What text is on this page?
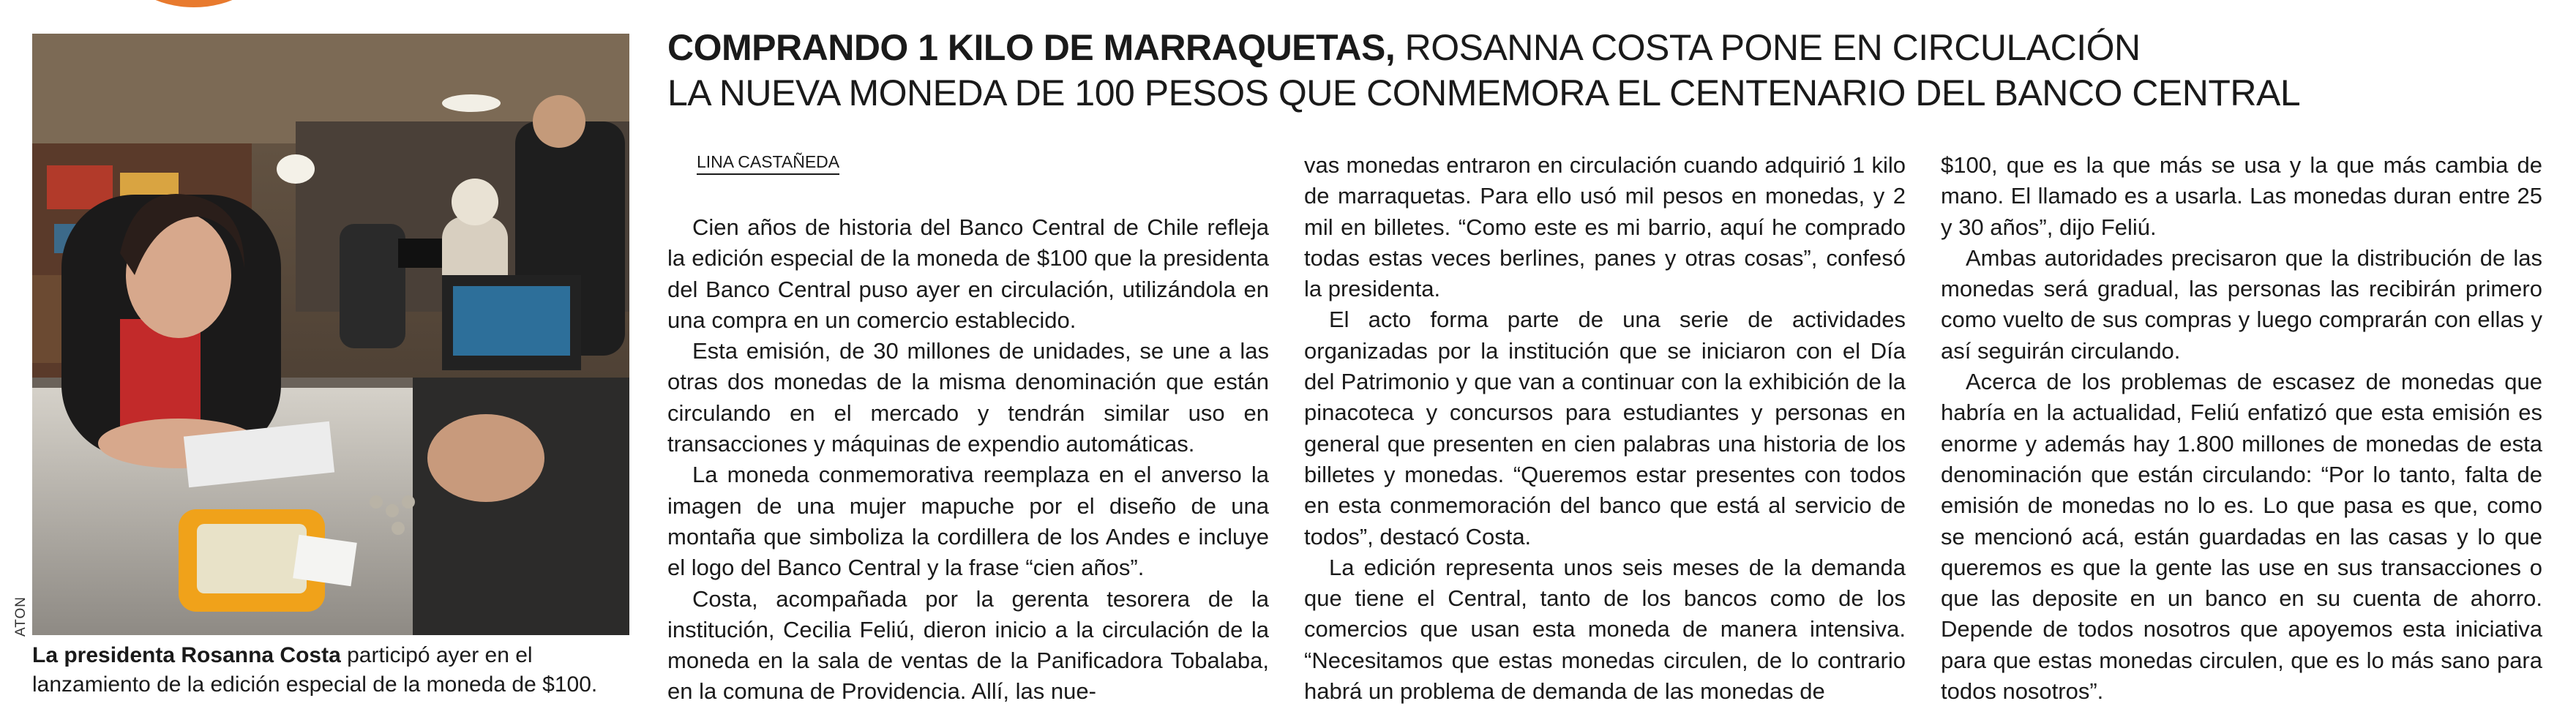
ATON
La presidenta Rosanna Costa participó ayer en el lanzamiento de la edición especial de la moneda de $100.
COMPRANDO 1 KILO DE MARRAQUETAS, ROSANNA COSTA PONE EN CIRCULACIÓN
LA NUEVA MONEDA DE 100 PESOS QUE CONMEMORA EL CENTENARIO DEL BANCO CENTRAL
LINA CASTAÑEDA

Cien años de historia del Banco Central de Chile refleja la edición especial de la moneda de $100 que la presidenta del Banco Central puso ayer en circulación, utilizándola en una compra en un comercio establecido.

Esta emisión, de 30 millones de unidades, se une a las otras dos monedas de la misma denominación que están circulando en el mercado y tendrán similar uso en transacciones y máquinas de expendio automáticas.

La moneda conmemorativa reemplaza en el anverso la imagen de una mujer mapuche por el diseño de una montaña que simboliza la cordillera de los Andes e incluye el logo del Banco Central y la frase “cien años”.

Costa, acompañada por la gerenta tesorera de la institución, Cecilia Feliú, dieron inicio a la circulación de la moneda en la sala de ventas de la Panificadora Tobalaba, en la comuna de Providencia. Allí, las nue-

vas monedas entraron en circulación cuando adquirió 1 kilo de marraquetas. Para ello usó mil pesos en monedas, y 2 mil en billetes. “Como este es mi barrio, aquí he comprado todas estas veces berlines, panes y otras cosas”, confesó la presidenta.

El acto forma parte de una serie de actividades organizadas por la institución que se iniciaron con el Día del Patrimonio y que van a continuar con la exhibición de la pinacoteca y concursos para estudiantes y personas en general que presenten en cien palabras una historia de los billetes y monedas. “Queremos estar presentes con todos en esta conmemoración del banco que está al servicio de todos”, destacó Costa.

La edición representa unos seis meses de la demanda que tiene el Central, tanto de los bancos como de los comercios que usan esta moneda de manera intensiva. “Necesitamos que estas monedas circulen, de lo contrario habrá un problema de demanda de las monedas de

$100, que es la que más se usa y la que más cambia de mano. El llamado es a usarla. Las monedas duran entre 25 y 30 años”, dijo Feliú.

Ambas autoridades precisaron que la distribución de las monedas será gradual, las personas las recibirán primero como vuelto de sus compras y luego comprarán con ellas y así seguirán circulando.

Acerca de los problemas de escasez de monedas que habría en la actualidad, Feliú enfatizó que esta emisión es enorme y además hay 1.800 millones de monedas de esta denominación que están circulando: “Por lo tanto, falta de emisión de monedas no lo es. Lo que pasa es que, como se mencionó acá, están guardadas en las casas y lo que queremos es que la gente las use en sus transacciones o que las deposite en un banco en su cuenta de ahorro. Depende de todos nosotros que apoyemos esta iniciativa para que estas monedas circulen, que es lo más sano para todos nosotros”.
